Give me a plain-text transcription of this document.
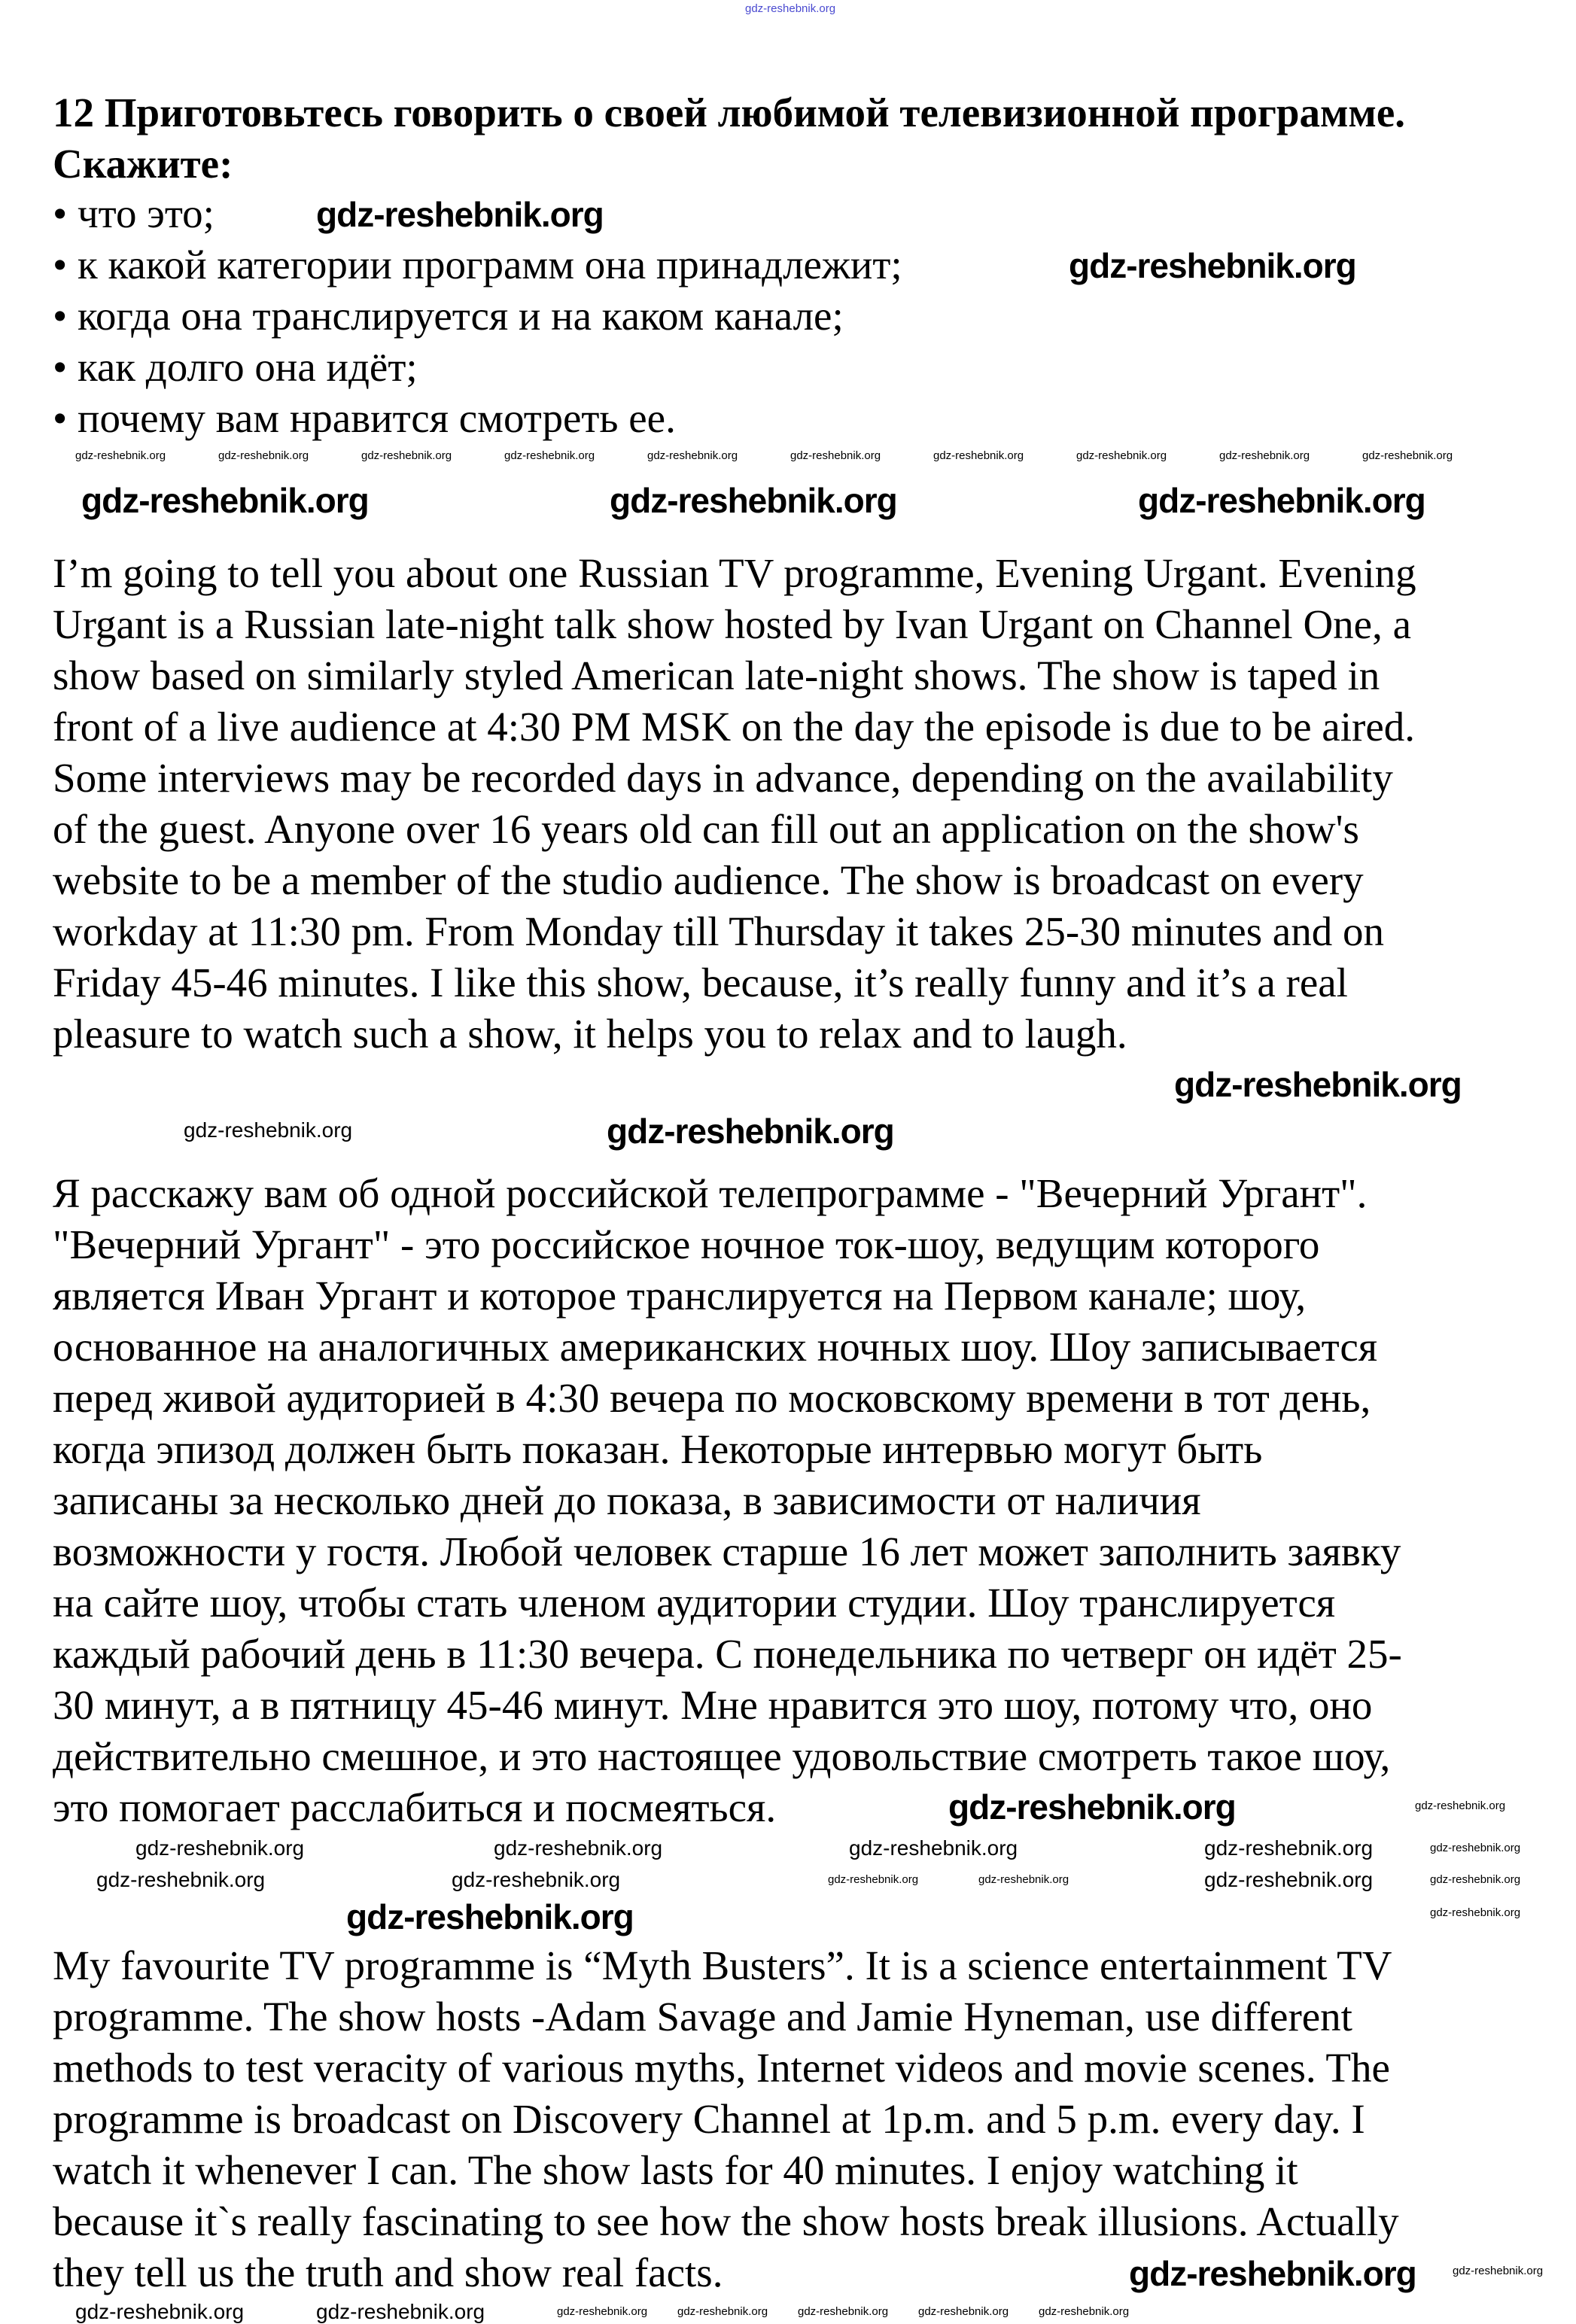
gdz-reshebnik.org
12 Приготовьтесь говорить о своей любимой телевизионной программе.
Скажите:
• что это;
• к какой категории программ она принадлежит;
• когда она транслируется и на каком канале;
• как долго она идёт;
• почему вам нравится смотреть ее.
I’m going to tell you about one Russian TV programme, Evening Urgant. Evening
Urgant is a Russian late-night talk show hosted by Ivan Urgant on Channel One, a
show based on similarly styled American late-night shows. The show is taped in
front of a live audience at 4:30 PM MSK on the day the episode is due to be aired.
Some interviews may be recorded days in advance, depending on the availability
of the guest. Anyone over 16 years old can fill out an application on the show's
website to be a member of the studio audience. The show is broadcast on every
workday at 11:30 pm. From Monday till Thursday it takes 25-30 minutes and on
Friday 45-46 minutes. I like this show, because, it’s really funny and it’s a real
pleasure to watch such a show, it helps you to relax and to laugh.
Я расскажу вам об одной российской телепрограмме - "Вечерний Ургант".
"Вечерний Ургант" - это российское ночное ток-шоу, ведущим которого
является Иван Ургант и которое транслируется на Первом канале; шоу,
основанное на аналогичных американских ночных шоу. Шоу записывается
перед живой аудиторией в 4:30 вечера по московскому времени в тот день,
когда эпизод должен быть показан. Некоторые интервью могут быть
записаны за несколько дней до показа, в зависимости от наличия
возможности у гостя. Любой человек старше 16 лет может заполнить заявку
на сайте шоу, чтобы стать членом аудитории студии. Шоу транслируется
каждый рабочий день в 11:30 вечера. С понедельника по четверг он идёт 25-
30 минут, а в пятницу 45-46 минут. Мне нравится это шоу, потому что, оно
действительно смешное, и это настоящее удовольствие смотреть такое шоу,
это помогает расслабиться и посмеяться.
My favourite TV programme is “Myth Busters”. It is a science entertainment TV
programme. The show hosts -Adam Savage and Jamie Hyneman, use different
methods to test veracity of various myths, Internet videos and movie scenes. The
programme is broadcast on Discovery Channel at 1p.m. and 5 p.m. every day. I
watch it whenever I can. The show lasts for 40 minutes. I enjoy watching it
because it`s really fascinating to see how the show hosts break illusions. Actually
they tell us the truth and show real facts.
gdz-reshebnik.org
gdz-reshebnik.org
gdz-reshebnik.org	gdz-reshebnik.org	gdz-reshebnik.org	gdz-reshebnik.org	gdz-reshebnik.org	gdz-reshebnik.org	gdz-reshebnik.org	gdz-reshebnik.org	gdz-reshebnik.org	gdz-reshebnik.org
gdz-reshebnik.org	gdz-reshebnik.org	gdz-reshebnik.org
gdz-reshebnik.org
gdz-reshebnik.org	gdz-reshebnik.org
gdz-reshebnik.org	gdz-reshebnik.org
gdz-reshebnik.org	gdz-reshebnik.org	gdz-reshebnik.org	gdz-reshebnik.org	gdz-reshebnik.org
gdz-reshebnik.org	gdz-reshebnik.org	gdz-reshebnik.org	gdz-reshebnik.org	gdz-reshebnik.org	gdz-reshebnik.org
gdz-reshebnik.org	gdz-reshebnik.org
gdz-reshebnik.org	gdz-reshebnik.org
gdz-reshebnik.org	gdz-reshebnik.org	gdz-reshebnik.org	gdz-reshebnik.org	gdz-reshebnik.org	gdz-reshebnik.org	gdz-reshebnik.org
